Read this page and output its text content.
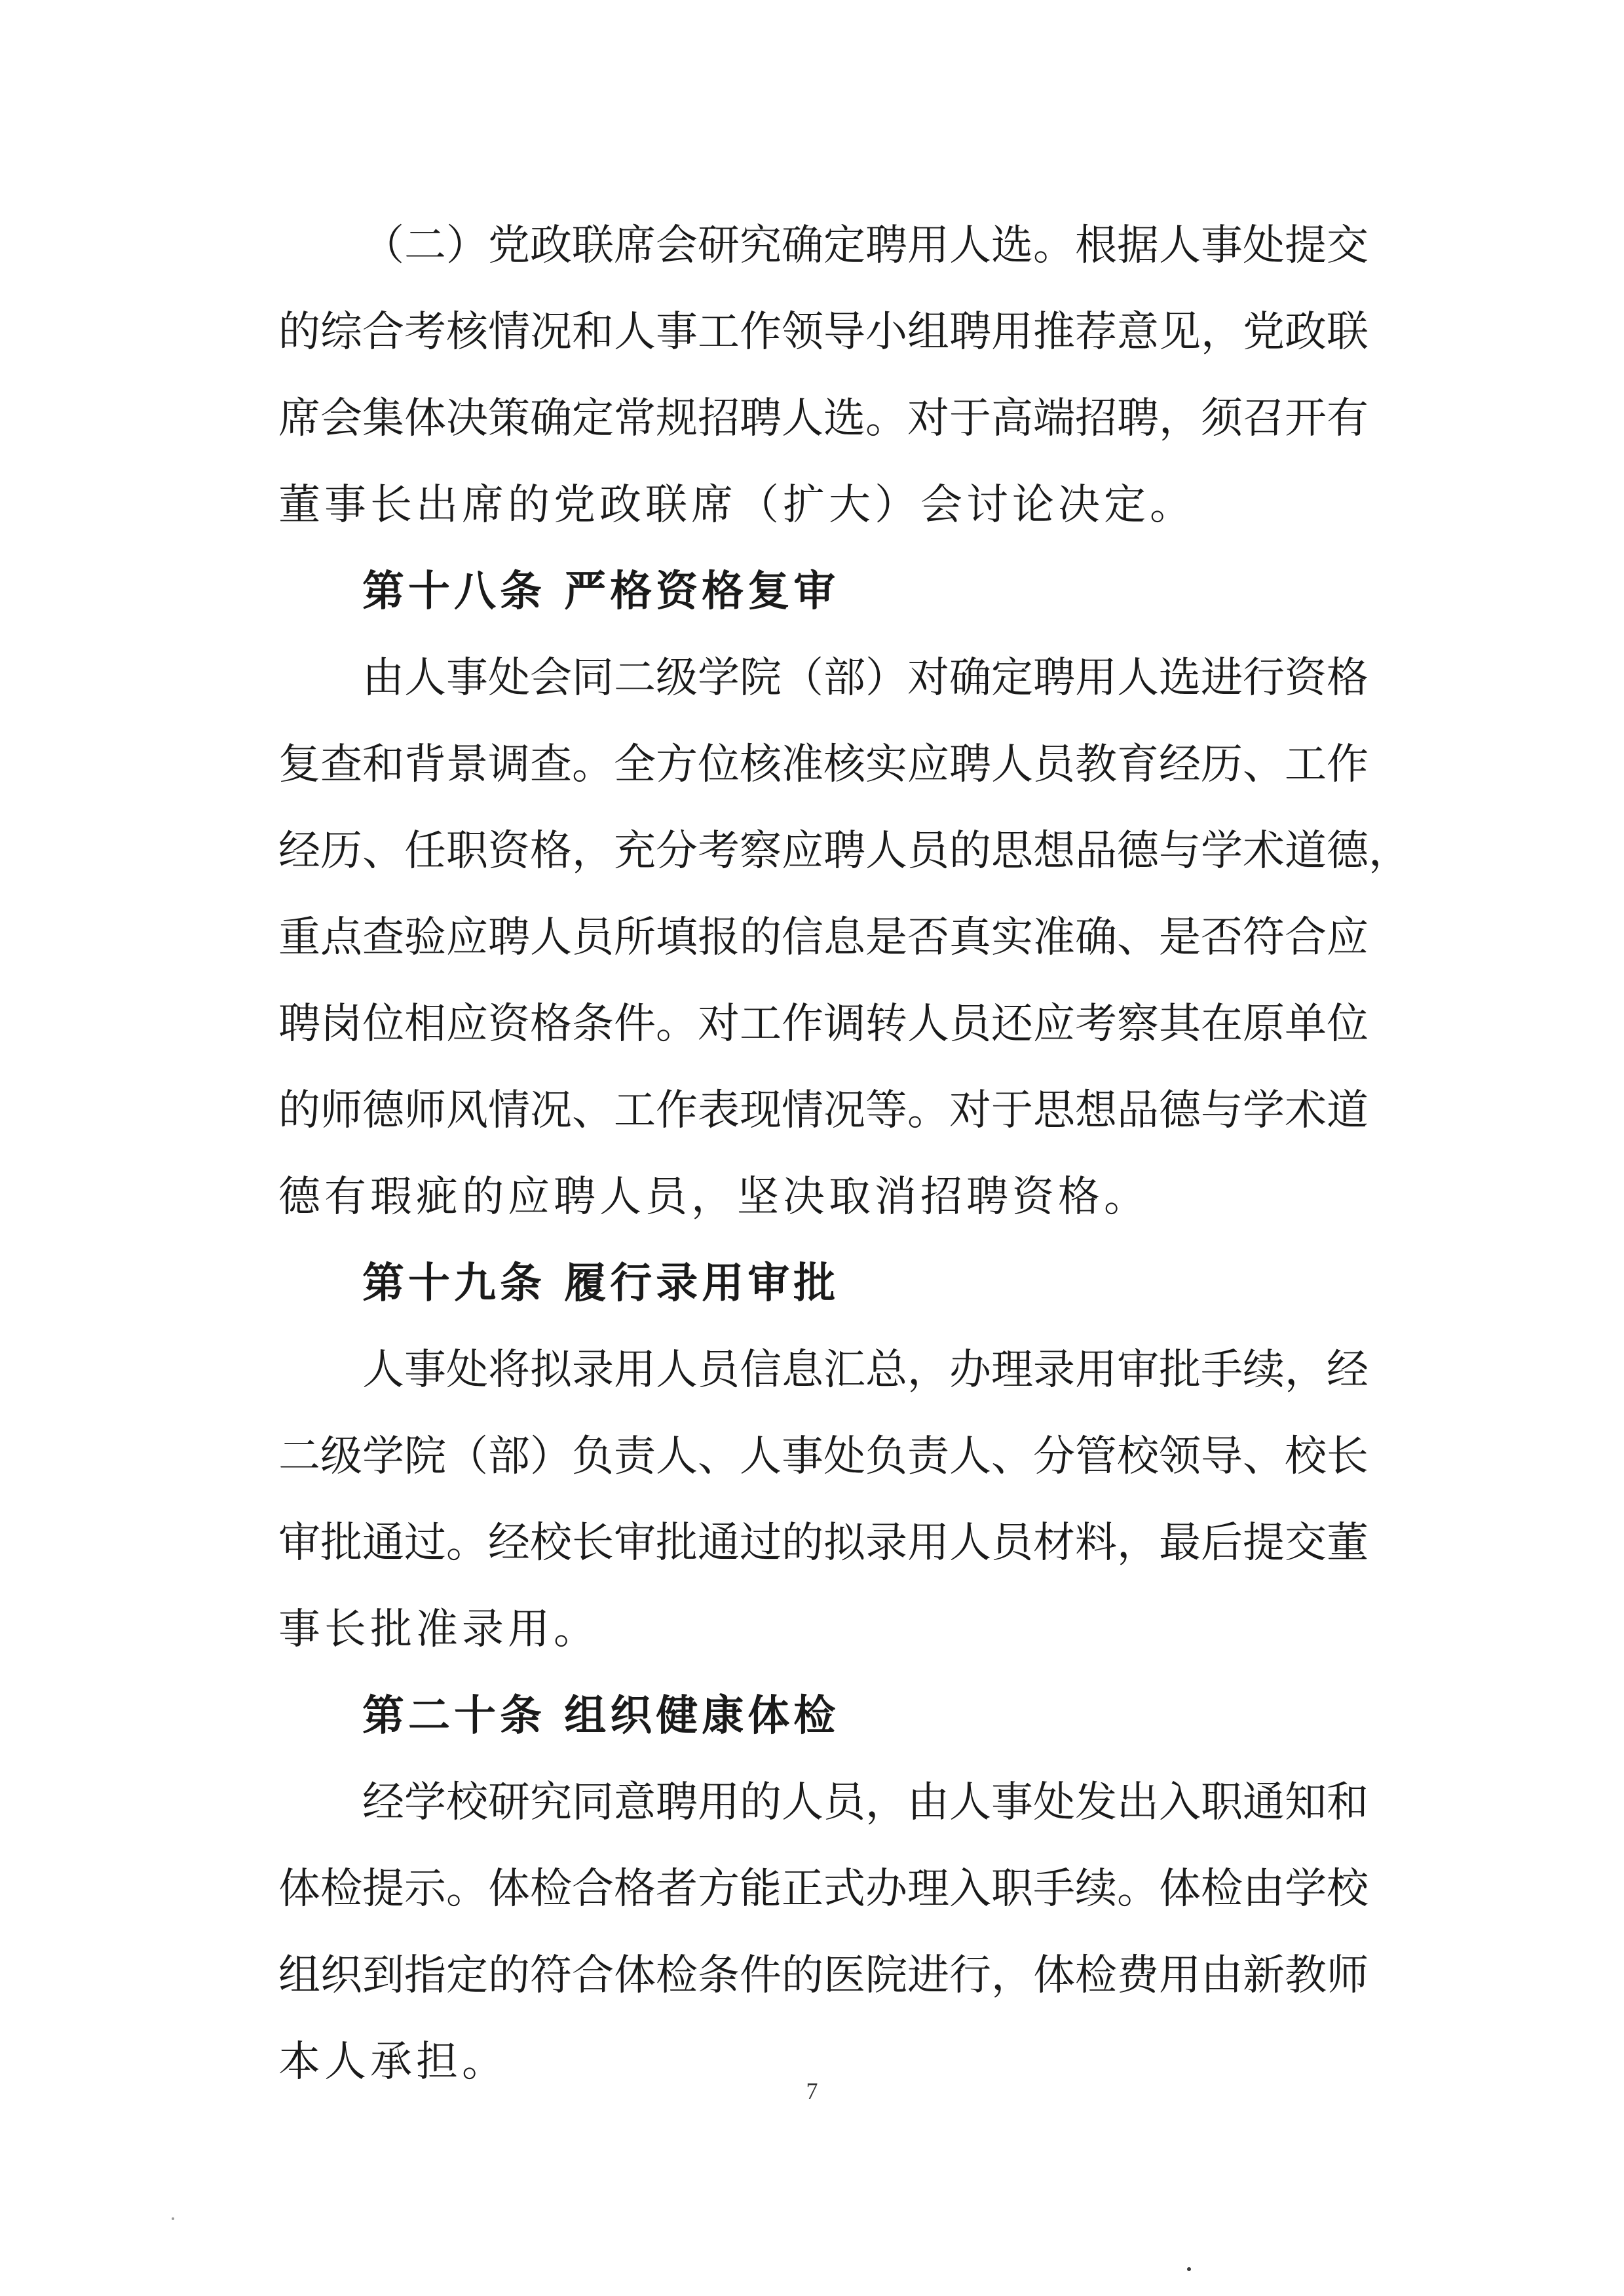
（二）党政联席会研究确定聘用人选。根据人事处提交
的综合考核情况和人事工作领导小组聘用推荐意见，党政联
席会集体决策确定常规招聘人选。对于高端招聘，须召开有
董事长出席的党政联席（扩大）会讨论决定。
第十八条 严格资格复审
由人事处会同二级学院（部）对确定聘用人选进行资格
复查和背景调查。全方位核准核实应聘人员教育经历、工作
经历、任职资格，充分考察应聘人员的思想品德与学术道德，
重点查验应聘人员所填报的信息是否真实准确、是否符合应
聘岗位相应资格条件。对工作调转人员还应考察其在原单位
的师德师风情况、工作表现情况等。对于思想品德与学术道
德有瑕疵的应聘人员，坚决取消招聘资格。
第十九条 履行录用审批
人事处将拟录用人员信息汇总，办理录用审批手续，经
二级学院（部）负责人、人事处负责人、分管校领导、校长
审批通过。经校长审批通过的拟录用人员材料，最后提交董
事长批准录用。
第二十条 组织健康体检
经学校研究同意聘用的人员，由人事处发出入职通知和
体检提示。体检合格者方能正式办理入职手续。体检由学校
组织到指定的符合体检条件的医院进行，体检费用由新教师
本人承担。
7
